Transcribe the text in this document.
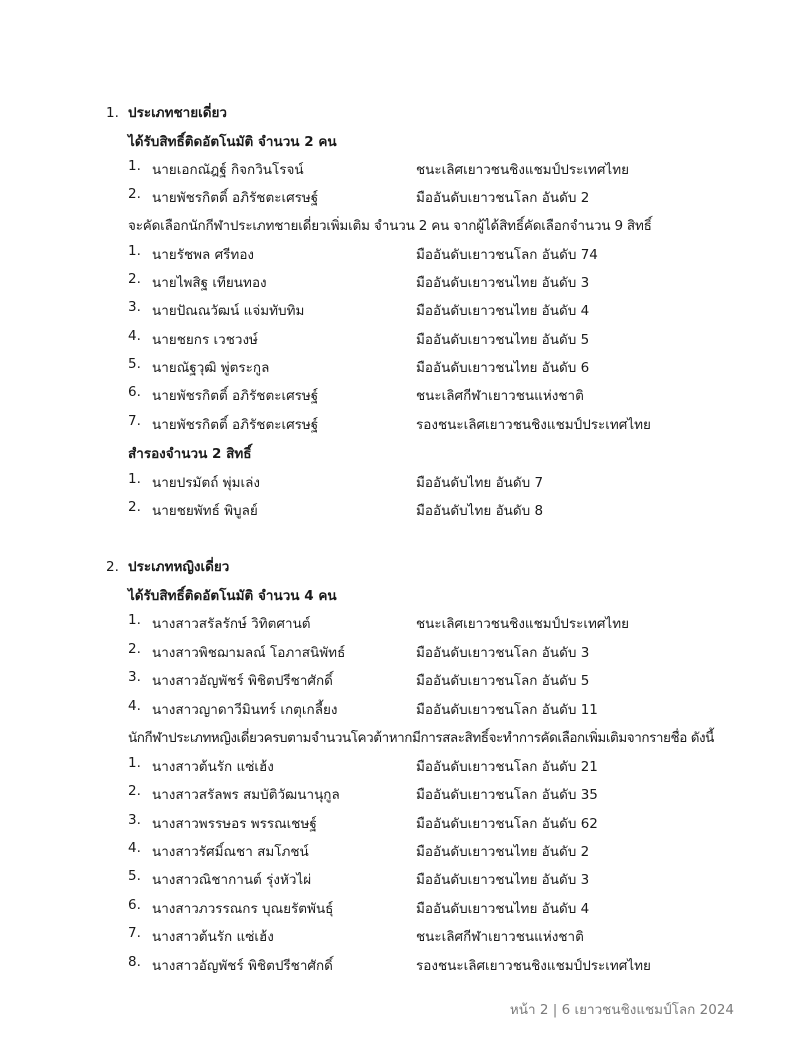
1. ประเภทชายเดี่ยว
ได้รับสิทธิ์ติดอัตโนมัติ จำนวน 2 คน
1. นายเอกณัฎฐ์ กิจกวินโรจน์	ชนะเลิศเยาวชนชิงแชมป์ประเทศไทย
2. นายพัชรกิตติ์ อภิรัชตะเศรษฐ์	มืออันดับเยาวชนโลก อันดับ 2
จะคัดเลือกนักกีฬาประเภทชายเดี่ยวเพิ่มเติม จำนวน 2 คน จากผู้ได้สิทธิ์คัดเลือกจำนวน 9 สิทธิ์
1. นายรัชพล ศรีทอง	มืออันดับเยาวชนโลก อันดับ 74
2. นายไพสิฐ เทียนทอง	มืออันดับเยาวชนไทย อันดับ 3
3. นายปัณณวัฒน์ แจ่มทับทิม	มืออันดับเยาวชนไทย อันดับ 4
4. นายชยกร เวชวงษ์	มืออันดับเยาวชนไทย อันดับ 5
5. นายณัฐวุฒิ พู่ตระกูล	มืออันดับเยาวชนไทย อันดับ 6
6. นายพัชรกิตติ์ อภิรัชตะเศรษฐ์	ชนะเลิศกีฬาเยาวชนแห่งชาติ
7. นายพัชรกิตติ์ อภิรัชตะเศรษฐ์	รองชนะเลิศเยาวชนชิงแชมป์ประเทศไทย
สำรองจำนวน 2 สิทธิ์
1. นายปรมัตถ์ พุ่มเล่ง	มืออันดับไทย อันดับ 7
2. นายชยพัทธ์ พิบูลย์	มืออันดับไทย อันดับ 8
2. ประเภทหญิงเดี่ยว
ได้รับสิทธิ์ติดอัตโนมัติ จำนวน 4 คน
1. นางสาวสรัลรักษ์ วิทิตศานต์	ชนะเลิศเยาวชนชิงแชมป์ประเทศไทย
2. นางสาวพิชฌามลณ์ โอภาสนิพัทธ์	มืออันดับเยาวชนโลก อันดับ 3
3. นางสาวอัญพัชร์ พิชิตปรีชาศักดิ์	มืออันดับเยาวชนโลก อันดับ 5
4. นางสาวญาดาวีมินทร์ เกตุเกลี้ยง	มืออันดับเยาวชนโลก อันดับ 11
นักกีฬาประเภทหญิงเดี่ยวครบตามจำนวนโควต้าหากมีการสละสิทธิ์จะทำการคัดเลือกเพิ่มเติมจากรายชื่อ ดังนี้
1. นางสาวต้นรัก แซ่เฮ้ง	มืออันดับเยาวชนโลก อันดับ 21
2. นางสาวสรัลพร สมบัติวัฒนานุกูล	มืออันดับเยาวชนโลก อันดับ 35
3. นางสาวพรรษอร พรรณเชษฐ์	มืออันดับเยาวชนโลก อันดับ 62
4. นางสาวรัศมิ์ณชา สมโภชน์	มืออันดับเยาวชนไทย อันดับ 2
5. นางสาวณิชากานต์ รุ่งหัวไผ่	มืออันดับเยาวชนไทย อันดับ 3
6. นางสาวภวรรณกร บุณยรัตพันธุ์	มืออันดับเยาวชนไทย อันดับ 4
7. นางสาวต้นรัก แซ่เฮ้ง	ชนะเลิศกีฬาเยาวชนแห่งชาติ
8. นางสาวอัญพัชร์ พิชิตปรีชาศักดิ์	รองชนะเลิศเยาวชนชิงแชมป์ประเทศไทย
หน้า 2 | 6 เยาวชนชิงแชมป์โลก 2024
